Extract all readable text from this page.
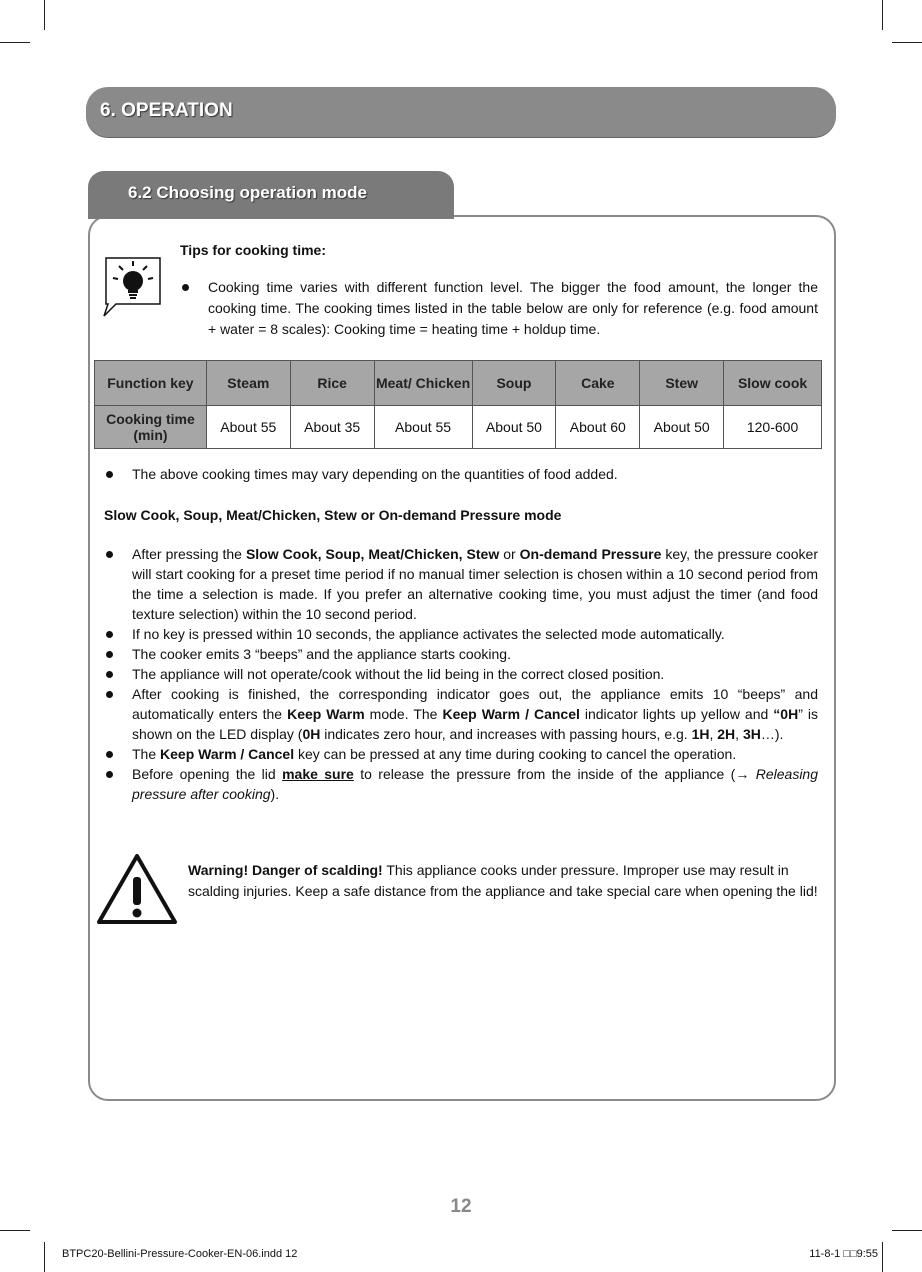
6. OPERATION
6.2 Choosing operation mode
Tips for cooking time:
Cooking time varies with different function level. The bigger the food amount, the longer the cooking time. The cooking times listed in the table below are only for reference (e.g. food amount + water = 8 scales): Cooking time = heating time + holdup time.
Function key	Steam	Rice	Meat/ Chicken	Soup	Cake	Stew	Slow cook
Cooking time (min)	About 55	About 35	About 55	About 50	About 60	About 50	120-600
The above cooking times may vary depending on the quantities of food added.
Slow Cook, Soup, Meat/Chicken, Stew or On-demand Pressure mode
After pressing the Slow Cook, Soup, Meat/Chicken, Stew or On-demand Pressure key, the pressure cooker will start cooking for a preset time period if no manual timer selection is chosen within a 10 second period from the time a selection is made. If you prefer an alternative cooking time, you must adjust the timer (and food texture selection) within the 10 second period.
If no key is pressed within 10 seconds, the appliance activates the selected mode automatically.
The cooker emits 3 “beeps” and the appliance starts cooking.
The appliance will not operate/cook without the lid being in the correct closed position.
After cooking is finished, the corresponding indicator goes out, the appliance emits 10 “beeps” and automatically enters the Keep Warm mode. The Keep Warm / Cancel indicator lights up yellow and “0H” is shown on the LED display (0H indicates zero hour, and increases with passing hours, e.g. 1H, 2H, 3H…).
The Keep Warm / Cancel key can be pressed at any time during cooking to cancel the operation.
Before opening the lid make sure to release the pressure from the inside of the appliance (→ Releasing pressure after cooking).
Warning! Danger of scalding! This appliance cooks under pressure. Improper use may result in scalding injuries. Keep a safe distance from the appliance and take special care when opening the lid!
12
BTPC20-Bellini-Pressure-Cooker-EN-06.indd 12	11-8-1 □□9:55
